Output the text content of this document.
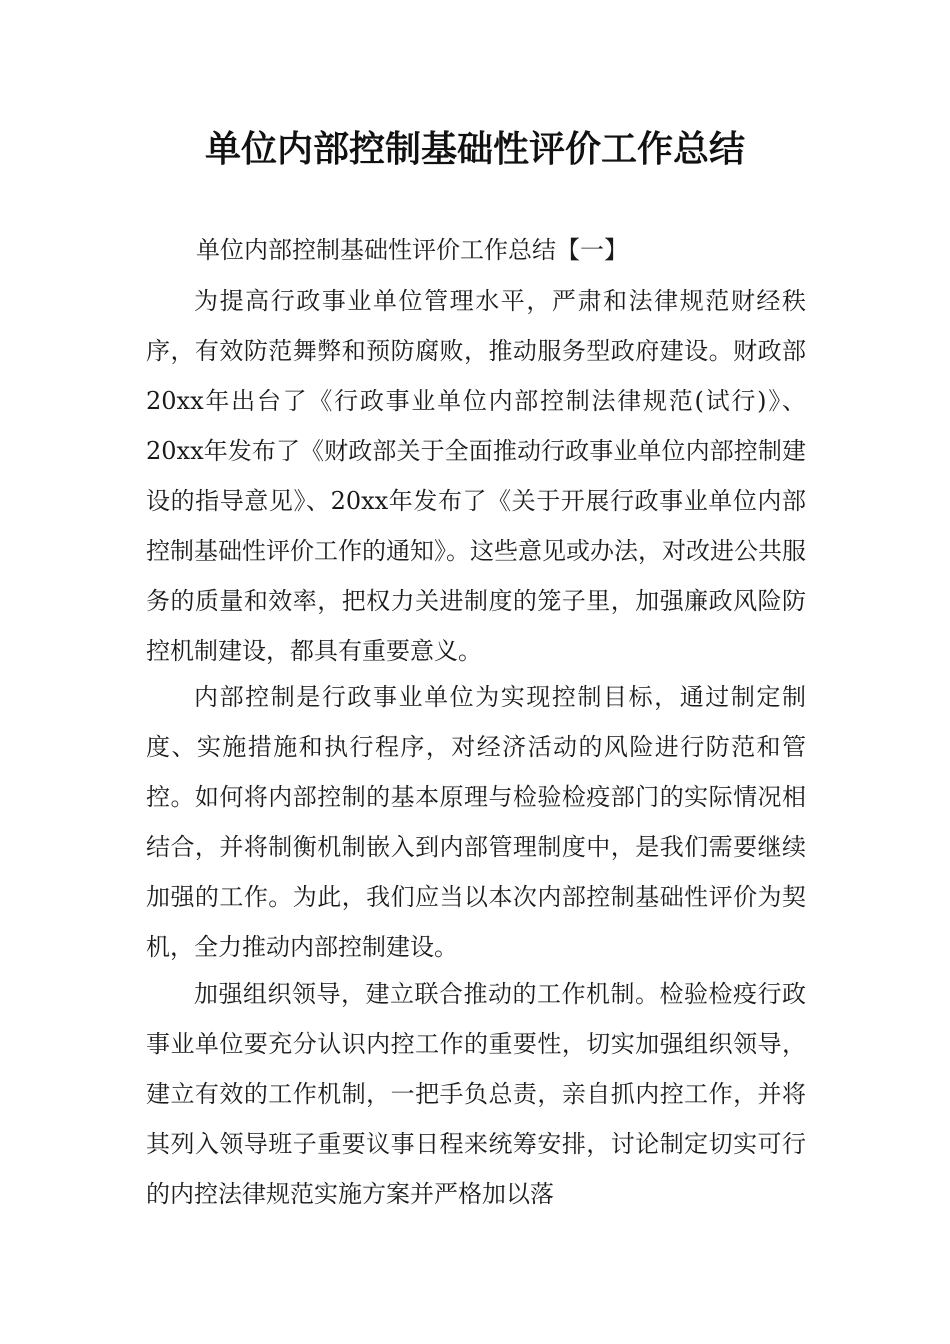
单位内部控制基础性评价工作总结
单位内部控制基础性评价工作总结【一】

为提高行政事业单位管理水平，严肃和法律规范财经秩序，有效防范舞弊和预防腐败，推动服务型政府建设。财政部20xx年出台了《行政事业单位内部控制法律规范(试行)》、20xx年发布了《财政部关于全面推动行政事业单位内部控制建设的指导意见》、20xx年发布了《关于开展行政事业单位内部控制基础性评价工作的通知》。这些意见或办法，对改进公共服务的质量和效率，把权力关进制度的笼子里，加强廉政风险防控机制建设，都具有重要意义。

内部控制是行政事业单位为实现控制目标，通过制定制度、实施措施和执行程序，对经济活动的风险进行防范和管控。如何将内部控制的基本原理与检验检疫部门的实际情况相结合，并将制衡机制嵌入到内部管理制度中，是我们需要继续加强的工作。为此，我们应当以本次内部控制基础性评价为契机，全力推动内部控制建设。

加强组织领导，建立联合推动的工作机制。检验检疫行政事业单位要充分认识内控工作的重要性，切实加强组织领导，建立有效的工作机制，一把手负总责，亲自抓内控工作，并将其列入领导班子重要议事日程来统筹安排，讨论制定切实可行的内控法律规范实施方案并严格加以落
